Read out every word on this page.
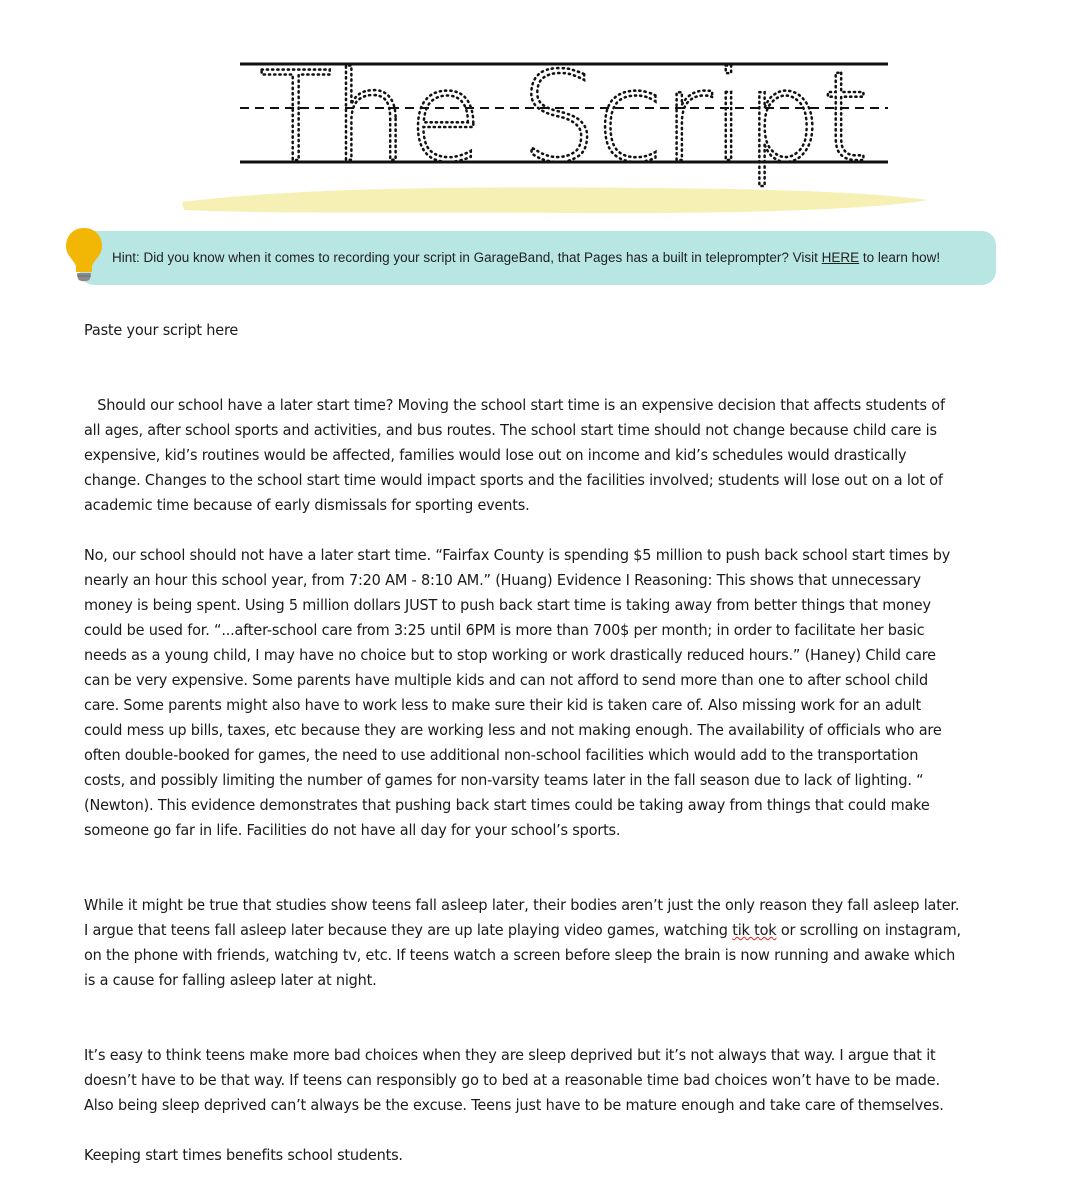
The Script
Hint: Did you know when it comes to recording your script in GarageBand, that Pages has a built in teleprompter? Visit HERE to learn how!

Paste your script here

Should our school have a later start time? Moving the school start time is an expensive decision that affects students of all ages, after school sports and activities, and bus routes. The school start time should not change because child care is expensive, kid’s routines would be affected, families would lose out on income and kid’s schedules would drastically change. Changes to the school start time would impact sports and the facilities involved; students will lose out on a lot of academic time because of early dismissals for sporting events.

No, our school should not have a later start time. “Fairfax County is spending $5 million to push back school start times by nearly an hour this school year, from 7:20 AM - 8:10 AM.” (Huang) Evidence I Reasoning: This shows that unnecessary money is being spent. Using 5 million dollars JUST to push back start time is taking away from better things that money could be used for. “...after-school care from 3:25 until 6PM is more than 700$ per month; in order to facilitate her basic needs as a young child, I may have no choice but to stop working or work drastically reduced hours.” (Haney) Child care can be very expensive. Some parents have multiple kids and can not afford to send more than one to after school child care. Some parents might also have to work less to make sure their kid is taken care of. Also missing work for an adult could mess up bills, taxes, etc because they are working less and not making enough. The availability of officials who are often double-booked for games, the need to use additional non-school facilities which would add to the transportation costs, and possibly limiting the number of games for non-varsity teams later in the fall season due to lack of lighting. “ (Newton). This evidence demonstrates that pushing back start times could be taking away from things that could make someone go far in life. Facilities do not have all day for your school’s sports.

While it might be true that studies show teens fall asleep later, their bodies aren’t just the only reason they fall asleep later. I argue that teens fall asleep later because they are up late playing video games, watching tik tok or scrolling on instagram, on the phone with friends, watching tv, etc. If teens watch a screen before sleep the brain is now running and awake which is a cause for falling asleep later at night.

It’s easy to think teens make more bad choices when they are sleep deprived but it’s not always that way. I argue that it doesn’t have to be that way. If teens can responsibly go to bed at a reasonable time bad choices won’t have to be made. Also being sleep deprived can’t always be the excuse. Teens just have to be mature enough and take care of themselves.

Keeping start times benefits school students.
